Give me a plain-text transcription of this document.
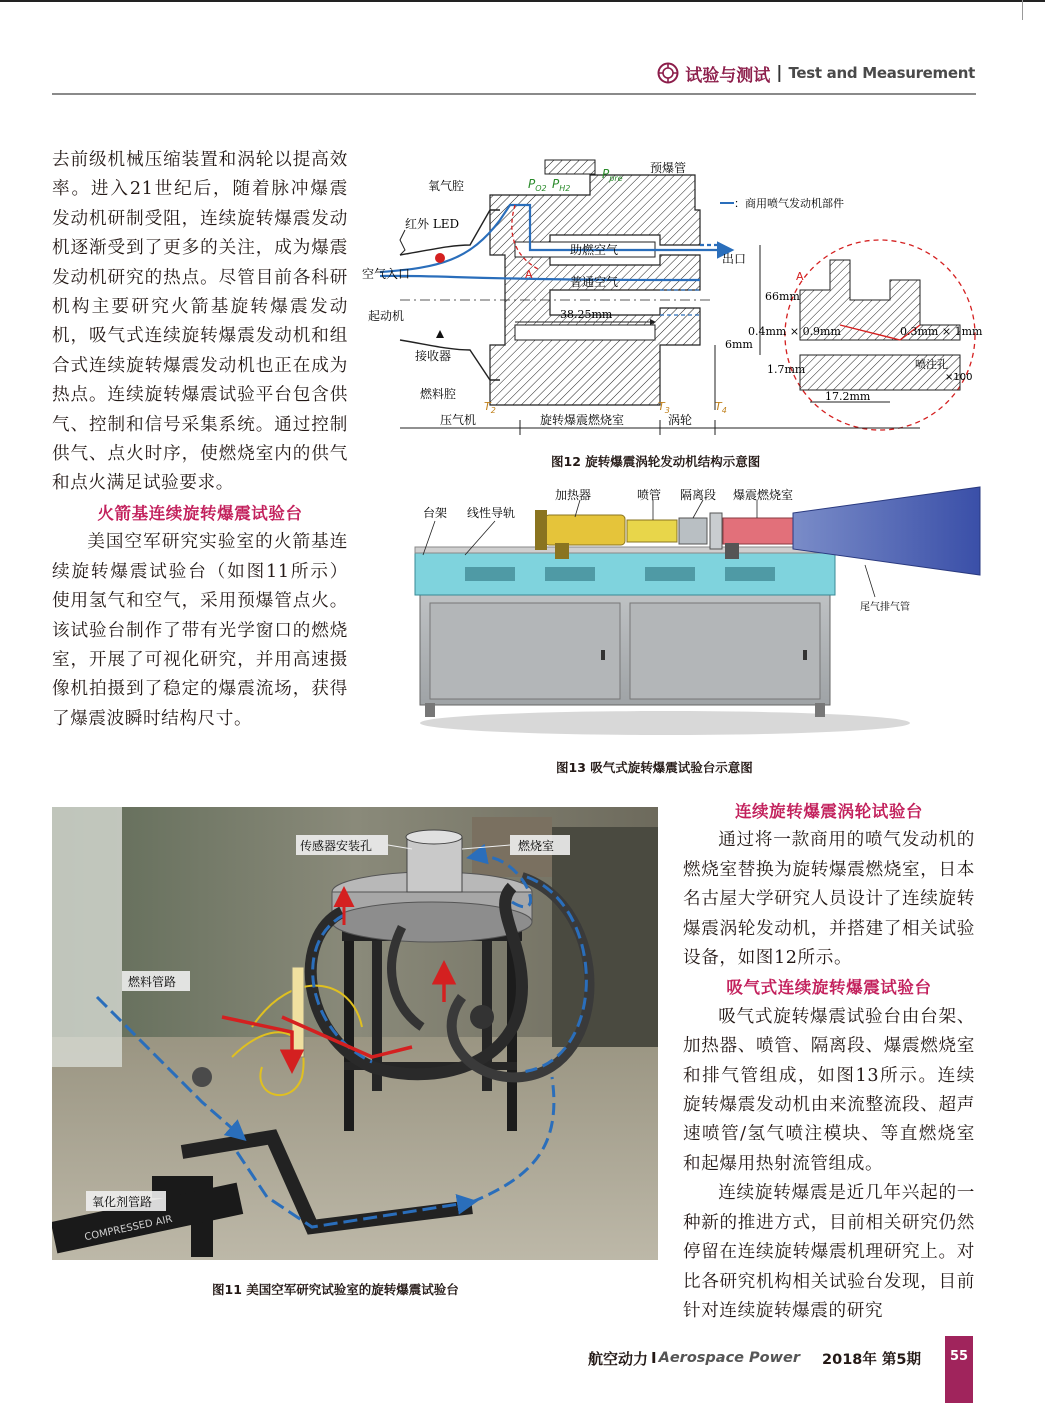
试验与测试 | Test and Measurement

去前级机械压缩装置和涡轮以提高效率。进入21世纪后，随着脉冲爆震发动机研制受阻，连续旋转爆震发动机逐渐受到了更多的关注，成为爆震发动机研究的热点。尽管目前各科研机构主要研究火箭基旋转爆震发动机，吸气式连续旋转爆震发动机和组合式连续旋转爆震发动机也正在成为热点。连续旋转爆震试验平台包含供气、控制和信号采集系统。通过控制供气、点火时序，使燃烧室内的供气和点火满足试验要求。

火箭基连续旋转爆震试验台

美国空军研究实验室的火箭基连续旋转爆震试验台（如图11所示）使用氢气和空气，采用预爆管点火。该试验台制作了带有光学窗口的燃烧室，开展了可视化研究，并用高速摄像机拍摄到了稳定的爆震流场，获得了爆震波瞬时结构尺寸。

预爆管
氧气腔
红外 LED
空气入口
起动机
接收器
燃料腔
压气机	旋转爆震燃烧室	涡轮
：商用喷气发动机部件
助燃空气
普通空气
出口
38.25mm
66mm
6mm
0.4mm × 0.9mm	0.3mm × 1mm
1.7mm
17.2mm
喷注孔
×100
A
A
$P_{O2}$ $P_{H2}$
$P_{pre}$
$T_2$	$T_3$	$T_4$
图12 旋转爆震涡轮发动机结构示意图
台架 线性导轨
加热器	喷管 隔离段 爆震燃烧室
尾气排气管
图13 吸气式旋转爆震试验台示意图
COMPRESSED AIR
传感器安装孔	燃烧室
燃料管路
氧化剂管路
图11 美国空军研究试验室的旋转爆震试验台
连续旋转爆震涡轮试验台

通过将一款商用的喷气发动机的燃烧室替换为旋转爆震燃烧室，日本名古屋大学研究人员设计了连续旋转爆震涡轮发动机，并搭建了相关试验设备，如图12所示。

吸气式连续旋转爆震试验台

吸气式旋转爆震试验台由台架、加热器、喷管、隔离段、爆震燃烧室和排气管组成，如图13所示。连续旋转爆震发动机由来流整流段、超声速喷管/氢气喷注模块、等直燃烧室和起爆用热射流管组成。

连续旋转爆震是近几年兴起的一种新的推进方式，目前相关研究仍然停留在连续旋转爆震机理研究上。对比各研究机构相关试验台发现，目前针对连续旋转爆震的研究

航空动力 I Aerospace Power 2018年 第5期	55
